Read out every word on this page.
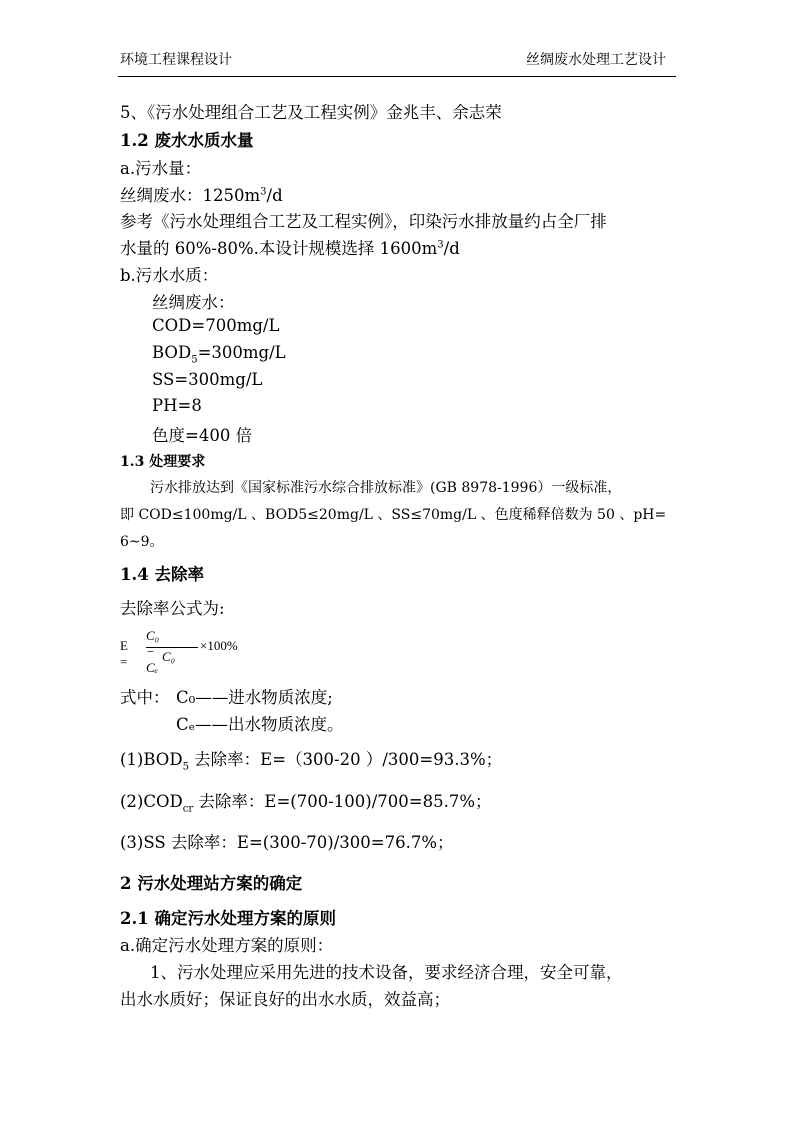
环境工程课程设计	丝绸废水处理工艺设计
5、《污水处理组合工艺及工程实例》金兆丰、余志荣
1.2 废水水质水量
a.污水量：
丝绸废水：$1250m^3/d$
参考《污水处理组合工艺及工程实例》，印染污水排放量约占全厂排
水量的 60%-80%.本设计规模选择 $1600m^3/d$
b.污水水质：
丝绸废水：
COD=700mg/L
$BOD_5=300mg/L$
SS=300mg/L
PH=8
色度=400 倍
1.3 处理要求
污水排放达到《国家标准污水综合排放标准》(GB 8978-1996）一级标准，
即 COD≤100mg/L 、BOD5≤20mg/L 、SS≤70mg/L 、色度稀释倍数为 50 、pH=
6~9。
1.4 去除率
去除率公式为:
E =
C₀ − Cₑ
C₀
×100%
式中： C₀——进水物质浓度;
Cₑ——出水物质浓度。
$(1)BOD_5$ 去除率：E=（300-20 ）/300=93.3%；
$(2)COD_{cr}$ 去除率：E=(700-100)/700=85.7%；
(3)SS 去除率：E=(300-70)/300=76.7%；
2 污水处理站方案的确定
2.1 确定污水处理方案的原则
a.确定污水处理方案的原则：
1、污水处理应采用先进的技术设备，要求经济合理，安全可靠，
出水水质好；保证良好的出水水质，效益高；
